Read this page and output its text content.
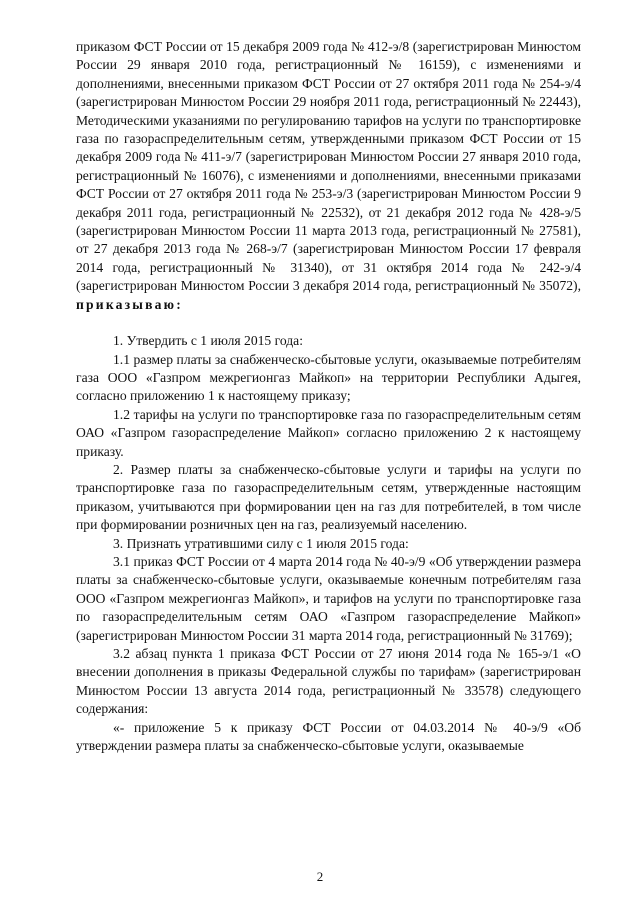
приказом ФСТ России от 15 декабря 2009 года № 412-э/8 (зарегистрирован Минюстом России 29 января 2010 года, регистрационный № 16159), с изменениями и дополнениями, внесенными приказом ФСТ России от 27 октября 2011 года № 254-э/4 (зарегистрирован Минюстом России 29 ноября 2011 года, регистрационный № 22443), Методическими указаниями по регулированию тарифов на услуги по транспортировке газа по газораспределительным сетям, утвержденными приказом ФСТ России от 15 декабря 2009 года № 411-э/7 (зарегистрирован Минюстом России 27 января 2010 года, регистрационный № 16076), с изменениями и дополнениями, внесенными приказами ФСТ России от 27 октября 2011 года № 253-э/3 (зарегистрирован Минюстом России 9 декабря 2011 года, регистрационный № 22532), от 21 декабря 2012 года № 428-э/5 (зарегистрирован Минюстом России 11 марта 2013 года, регистрационный № 27581), от 27 декабря 2013 года № 268-э/7 (зарегистрирован Минюстом России 17 февраля 2014 года, регистрационный № 31340), от 31 октября 2014 года № 242-э/4 (зарегистрирован Минюстом России 3 декабря 2014 года, регистрационный № 35072), приказываю:

1. Утвердить с 1 июля 2015 года:

1.1 размер платы за снабженческо-сбытовые услуги, оказываемые потребителям газа ООО «Газпром межрегионгаз Майкоп» на территории Республики Адыгея, согласно приложению 1 к настоящему приказу;

1.2 тарифы на услуги по транспортировке газа по газораспределительным сетям ОАО «Газпром газораспределение Майкоп» согласно приложению 2 к настоящему приказу.

2. Размер платы за снабженческо-сбытовые услуги и тарифы на услуги по транспортировке газа по газораспределительным сетям, утвержденные настоящим приказом, учитываются при формировании цен на газ для потребителей, в том числе при формировании розничных цен на газ, реализуемый населению.

3. Признать утратившими силу с 1 июля 2015 года:

3.1 приказ ФСТ России от 4 марта 2014 года № 40-э/9 «Об утверждении размера платы за снабженческо-сбытовые услуги, оказываемые конечным потребителям газа ООО «Газпром межрегионгаз Майкоп», и тарифов на услуги по транспортировке газа по газораспределительным сетям ОАО «Газпром газораспределение Майкоп» (зарегистрирован Минюстом России 31 марта 2014 года, регистрационный № 31769);

3.2 абзац пункта 1 приказа ФСТ России от 27 июня 2014 года № 165-э/1 «О внесении дополнения в приказы Федеральной службы по тарифам» (зарегистрирован Минюстом России 13 августа 2014 года, регистрационный № 33578) следующего содержания:

«- приложение 5 к приказу ФСТ России от 04.03.2014 № 40-э/9 «Об утверждении размера платы за снабженческо-сбытовые услуги, оказываемые

2
